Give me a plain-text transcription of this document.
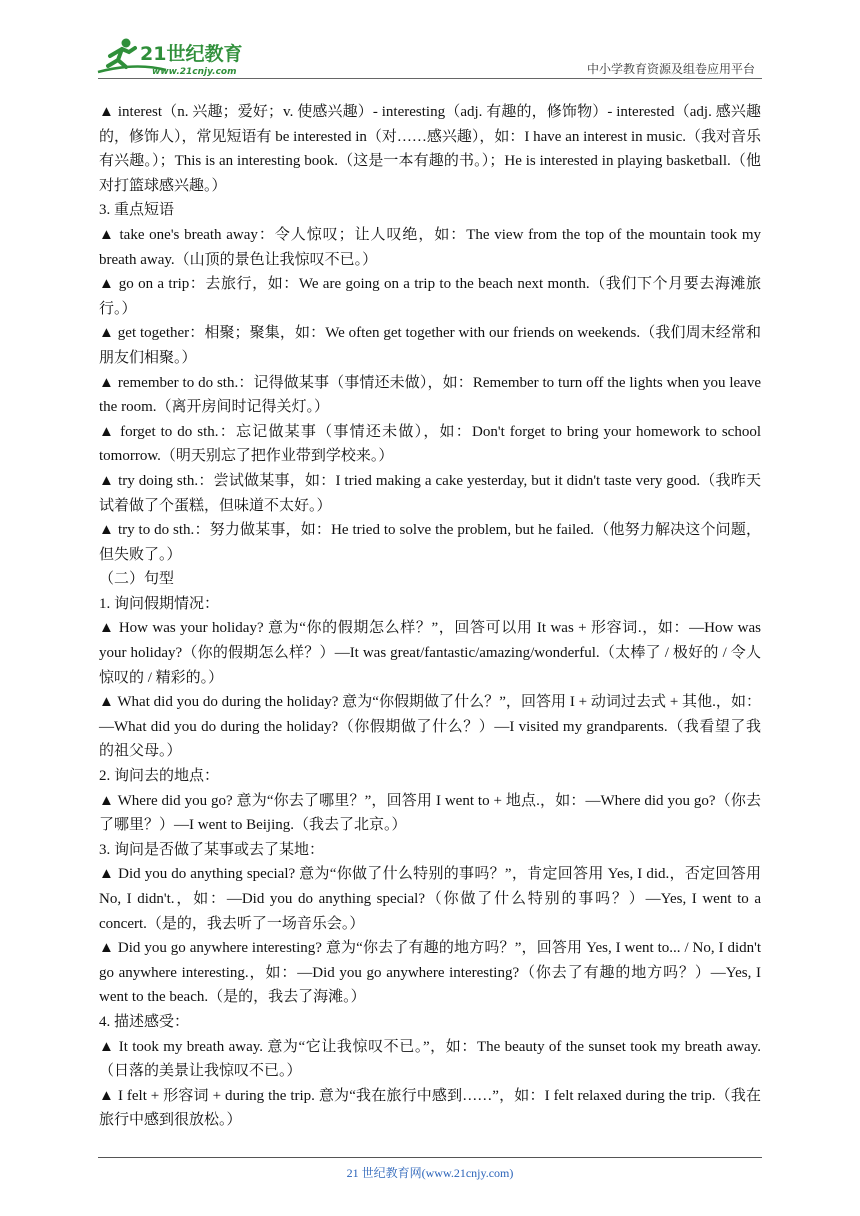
21世纪教育
www.21cnjy.com	中小学教育资源及组卷应用平台

▲ interest（n. 兴趣；爱好；v. 使感兴趣）- interesting（adj. 有趣的，修饰物）- interested（adj. 感兴趣的，修饰人），常见短语有 be interested in（对……感兴趣），如：I have an interest in music.（我对音乐有兴趣。）；This is an interesting book.（这是一本有趣的书。）；He is interested in playing basketball.（他对打篮球感兴趣。）

3. 重点短语

▲ take one's breath away：令人惊叹；让人叹绝，如：The view from the top of the mountain took my breath away.（山顶的景色让我惊叹不已。）

▲ go on a trip：去旅行，如：We are going on a trip to the beach next month.（我们下个月要去海滩旅行。）

▲ get together：相聚；聚集，如：We often get together with our friends on weekends.（我们周末经常和朋友们相聚。）

▲ remember to do sth.：记得做某事（事情还未做），如：Remember to turn off the lights when you leave the room.（离开房间时记得关灯。）

▲ forget to do sth.：忘记做某事（事情还未做），如：Don't forget to bring your homework to school tomorrow.（明天别忘了把作业带到学校来。）

▲ try doing sth.：尝试做某事，如：I tried making a cake yesterday, but it didn't taste very good.（我昨天试着做了个蛋糕，但味道不太好。）

▲ try to do sth.：努力做某事，如：He tried to solve the problem, but he failed.（他努力解决这个问题，但失败了。）

（二）句型

1. 询问假期情况：

▲ How was your holiday? 意为“你的假期怎么样？”，回答可以用 It was + 形容词.，如：—How was your holiday?（你的假期怎么样？）—It was great/fantastic/amazing/wonderful.（太棒了 / 极好的 / 令人惊叹的 / 精彩的。）

▲ What did you do during the holiday? 意为“你假期做了什么？”，回答用 I + 动词过去式 + 其他.，如：—What did you do during the holiday?（你假期做了什么？）—I visited my grandparents.（我看望了我的祖父母。）

2. 询问去的地点：

▲ Where did you go? 意为“你去了哪里？”，回答用 I went to + 地点.，如：—Where did you go?（你去了哪里？）—I went to Beijing.（我去了北京。）

3. 询问是否做了某事或去了某地：

▲ Did you do anything special? 意为“你做了什么特别的事吗？”，肯定回答用 Yes, I did.，否定回答用 No, I didn't.，如：—Did you do anything special?（你做了什么特别的事吗？）—Yes, I went to a concert.（是的，我去听了一场音乐会。）

▲ Did you go anywhere interesting? 意为“你去了有趣的地方吗？”，回答用 Yes, I went to... / No, I didn't go anywhere interesting.，如：—Did you go anywhere interesting?（你去了有趣的地方吗？）—Yes, I went to the beach.（是的，我去了海滩。）

4. 描述感受：

▲ It took my breath away. 意为“它让我惊叹不已。”，如：The beauty of the sunset took my breath away.（日落的美景让我惊叹不已。）

▲ I felt + 形容词 + during the trip. 意为“我在旅行中感到……”，如：I felt relaxed during the trip.（我在旅行中感到很放松。）

21 世纪教育网(www.21cnjy.com)
